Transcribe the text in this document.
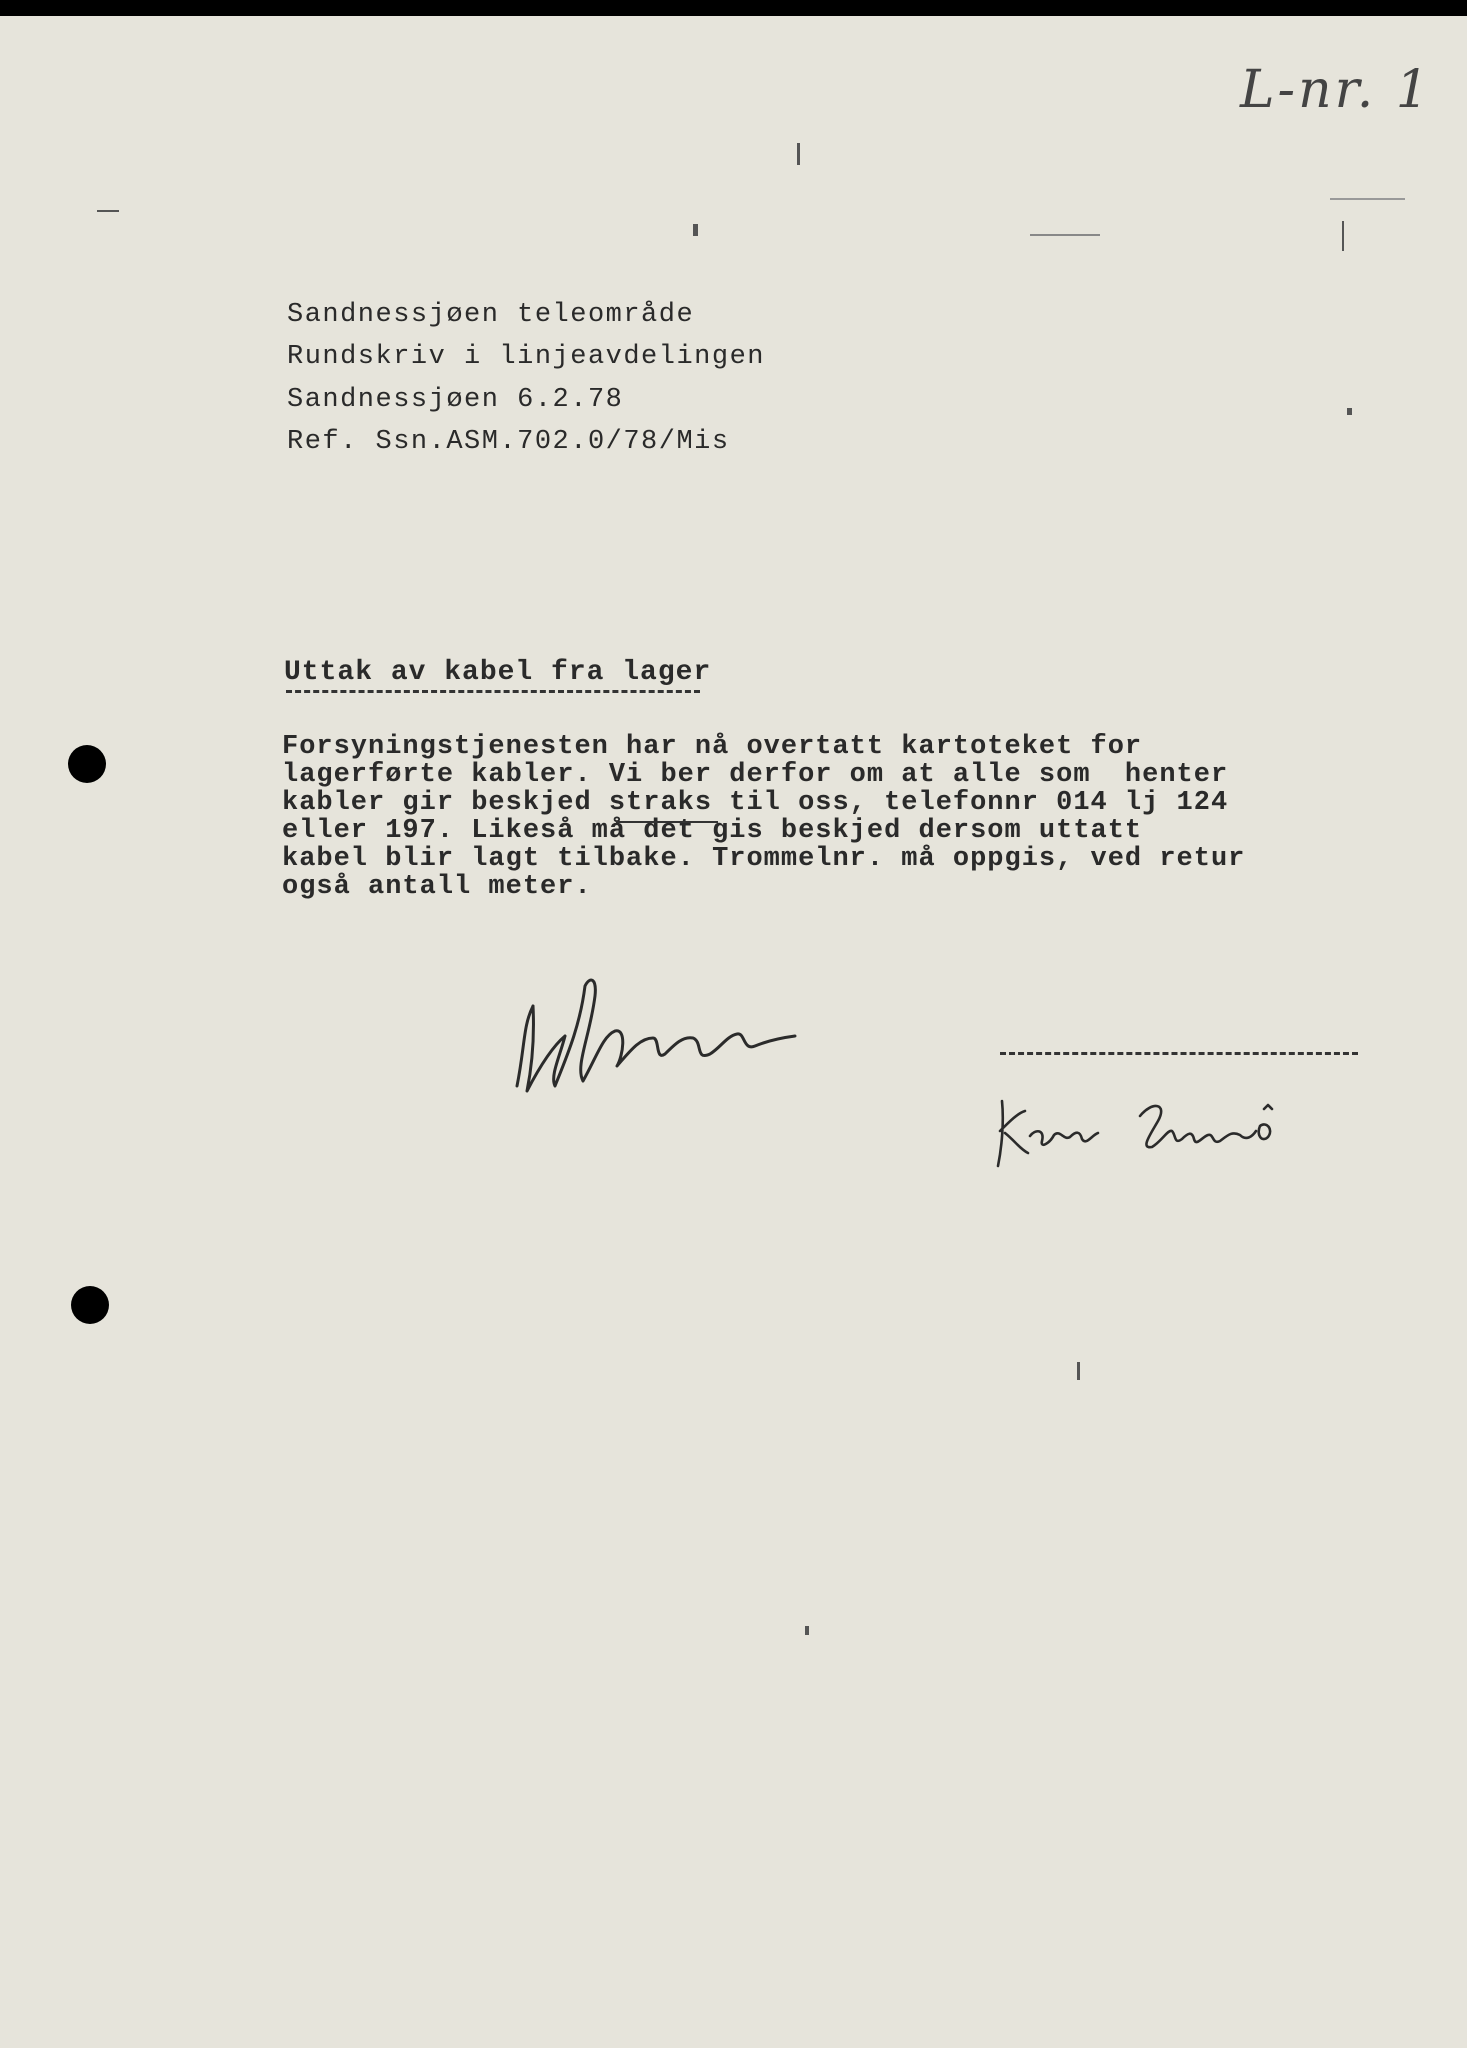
L-nr. 1
Sandnessjøen teleområde
Rundskriv i linjeavdelingen
Sandnessjøen 6.2.78
Ref. Ssn.ASM.702.0/78/Mis
Uttak av kabel fra lager
Forsyningstjenesten har nå overtatt kartoteket for
lagerførte kabler. Vi ber derfor om at alle som  henter
kabler gir beskjed straks til oss, telefonnr 014 lj 124
eller 197. Likeså må det gis beskjed dersom uttatt
kabel blir lagt tilbake. Trommelnr. må oppgis, ved retur
også antall meter.
